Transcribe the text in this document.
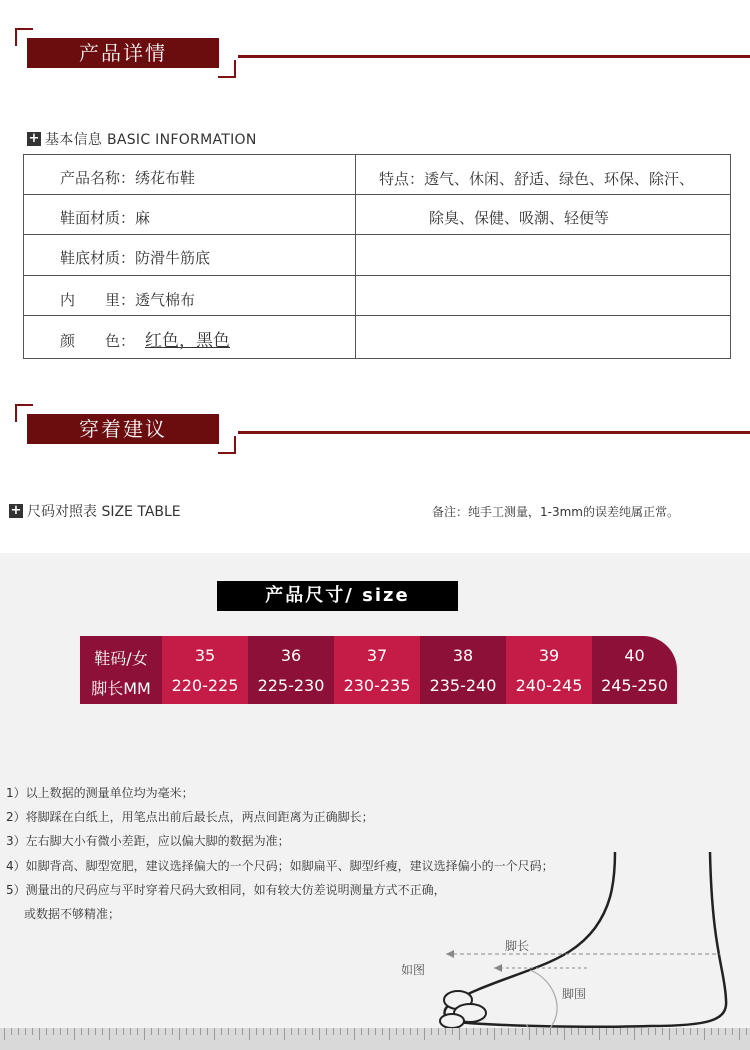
产品详情
+ 基本信息 BASIC INFORMATION
产品名称： 绣花布鞋
鞋面材质： 麻
鞋底材质： 防滑牛筋底
内　　里： 透气棉布
颜　　色： 红色，黑色
特点：透气、休闲、舒适、绿色、环保、除汗、
除臭、保健、吸潮、轻便等
穿着建议
+ 尺码对照表 SIZE TABLE	备注：纯手工测量，1-3mm的误差纯属正常。
产品尺寸/ size
鞋码/女
脚长MM
35
220-225
36
225-230
37
230-235
38
235-240
39
240-245
40
245-250
1）以上数据的测量单位均为毫米；
2）将脚踩在白纸上，用笔点出前后最长点，两点间距离为正确脚长；
3）左右脚大小有微小差距，应以偏大脚的数据为准；
4）如脚背高、脚型宽肥，建议选择偏大的一个尺码；如脚扁平、脚型纤瘦，建议选择偏小的一个尺码；
5）测量出的尺码应与平时穿着尺码大致相同，如有较大仿差说明测量方式不正确，
或数据不够精准；
如图
脚长
脚围
